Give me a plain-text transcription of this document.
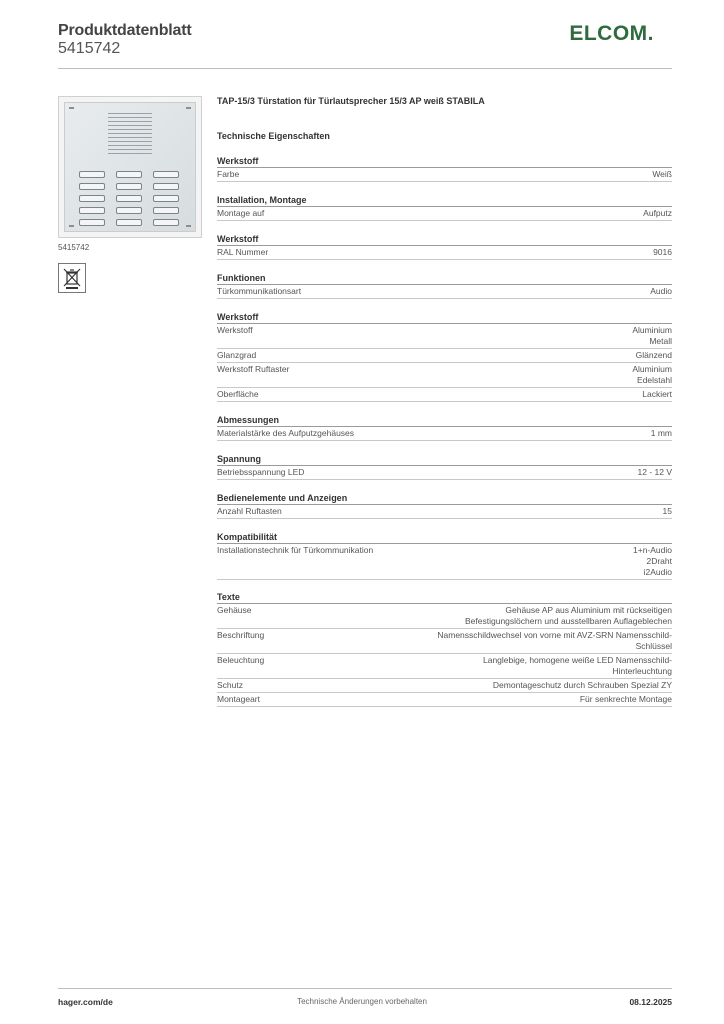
Produktdatenblatt
5415742
ELCOM.
5415742
TAP-15/3 Türstation für Türlautsprecher 15/3 AP weiß STABILA
Technische Eigenschaften
Werkstoff
Farbe	Weiß
Installation, Montage
Montage auf	Aufputz
Werkstoff
RAL Nummer	9016
Funktionen
Türkommunikationsart	Audio
Werkstoff
Werkstoff	Aluminium
Metall
Glanzgrad	Glänzend
Werkstoff Ruftaster	Aluminium
Edelstahl
Oberfläche	Lackiert
Abmessungen
Materialstärke des Aufputzgehäuses	1 mm
Spannung
Betriebsspannung LED	12 - 12 V
Bedienelemente und Anzeigen
Anzahl Ruftasten	15
Kompatibilität
Installationstechnik für Türkommunikation	1+n-Audio
2Draht
i2Audio
Texte
Gehäuse	Gehäuse AP aus Aluminium mit rückseitigen
Befestigungslöchern und ausstellbaren Auflageblechen
Beschriftung	Namensschildwechsel von vorne mit AVZ-SRN Namensschild-
Schlüssel
Beleuchtung	Langlebige, homogene weiße LED Namensschild-
Hinterleuchtung
Schutz	Demontageschutz durch Schrauben Spezial ZY
Montageart	Für senkrechte Montage
hager.com/de	Technische Änderungen vorbehalten	08.12.2025
